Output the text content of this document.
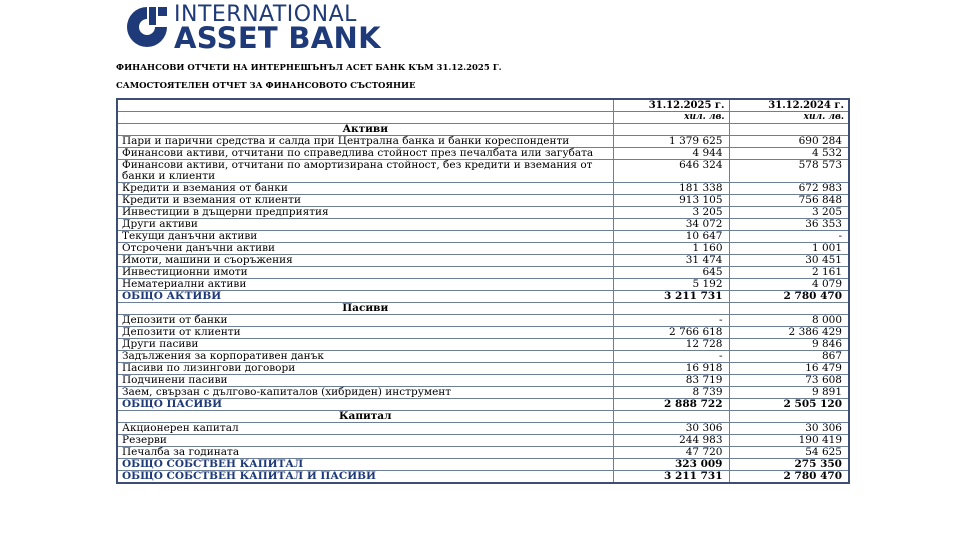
INTERNATIONAL
ASSET BANK
ФИНАНСОВИ ОТЧЕТИ НА ИНТЕРНЕШЪНЪЛ АСЕТ БАНК КЪМ 31.12.2025 Г.
САМОСТОЯТЕЛЕН ОТЧЕТ ЗА ФИНАНСОВОТО СЪСТОЯНИЕ
	31.12.2025 г.	31.12.2024 г.
	хил. лв.	хил. лв.
Активи		
Пари и парични средства и салда при Централна банка и банки кореспонденти	1 379 625	690 284
Финансови активи, отчитани по справедлива стойност през печалбата или загубата	4 944	4 532
Финансови активи, отчитани по амортизирана стойност, без кредити и вземания от банки и клиенти	646 324	578 573
Кредити и вземания от банки	181 338	672 983
Кредити и вземания от клиенти	913 105	756 848
Инвестиции в дъщерни предприятия	3 205	3 205
Други активи	34 072	36 353
Текущи данъчни активи	10 647	-
Отсрочени данъчни активи	1 160	1 001
Имоти, машини и съоръжения	31 474	30 451
Инвестиционни имоти	645	2 161
Нематериални активи	5 192	4 079
ОБЩО АКТИВИ	3 211 731	2 780 470
Пасиви		
Депозити от банки	-	8 000
Депозити от клиенти	2 766 618	2 386 429
Други пасиви	12 728	9 846
Задължения за корпоративен данък	-	867
Пасиви по лизингови договори	16 918	16 479
Подчинени пасиви	83 719	73 608
Заем, свързан с дългово-капиталов (хибриден) инструмент	8 739	9 891
ОБЩО ПАСИВИ	2 888 722	2 505 120
Капитал		
Акционерен капитал	30 306	30 306
Резерви	244 983	190 419
Печалба за годината	47 720	54 625
ОБЩО СОБСТВЕН КАПИТАЛ	323 009	275 350
ОБЩО СОБСТВЕН КАПИТАЛ И ПАСИВИ	3 211 731	2 780 470
